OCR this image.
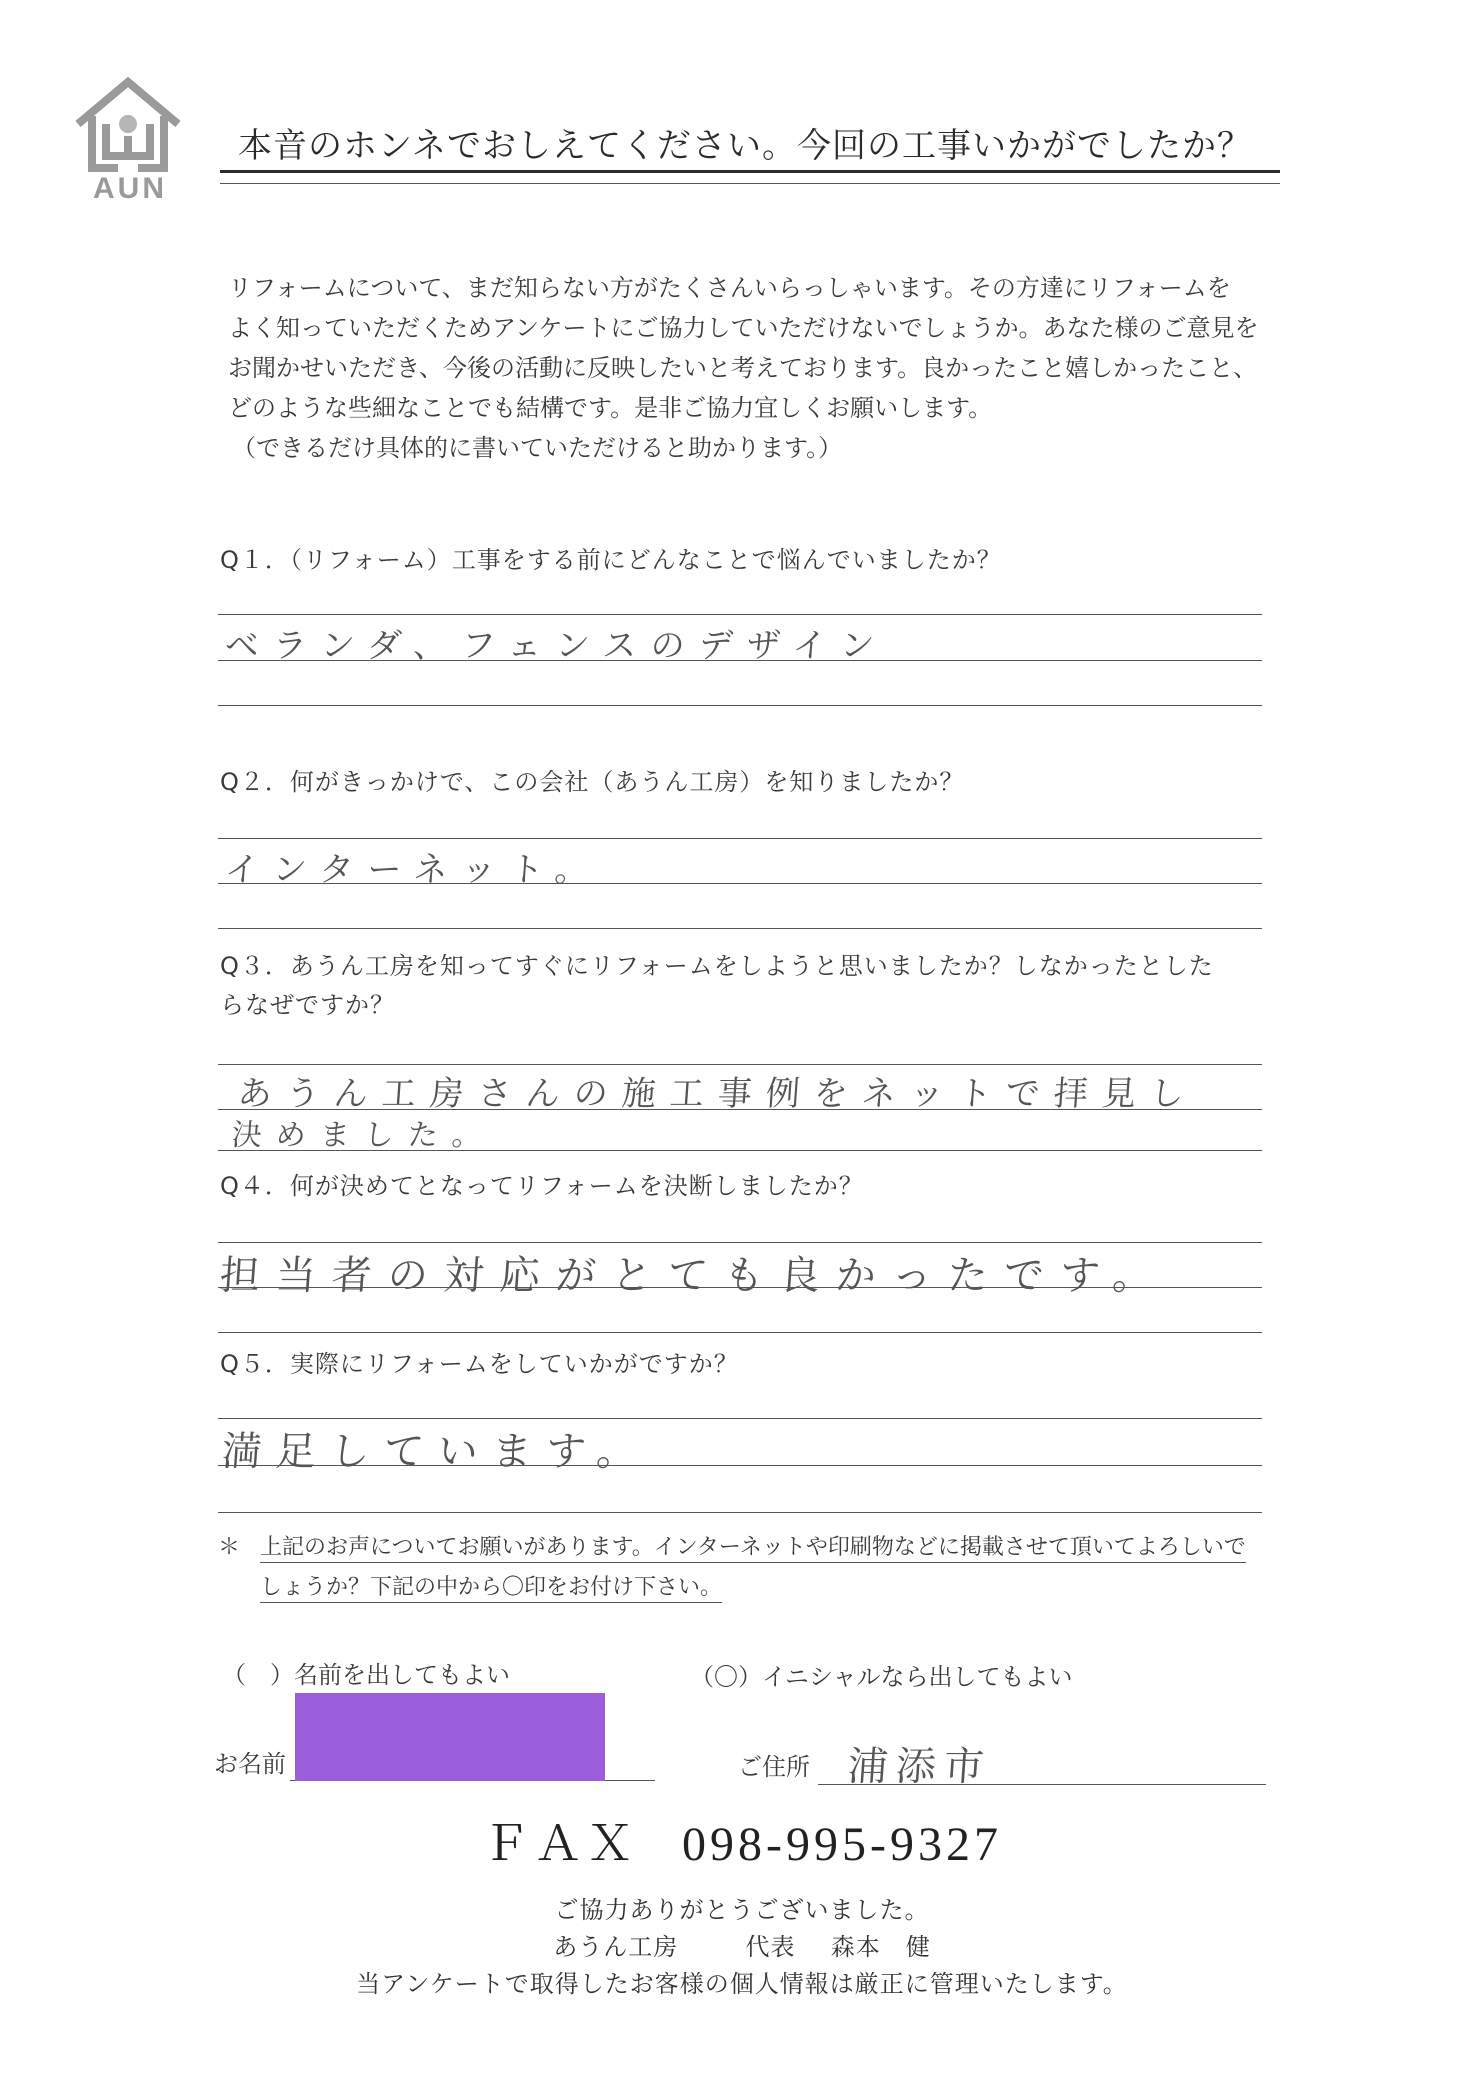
AUN
本音のホンネでおしえてください。今回の工事いかがでしたか？
リフォームについて、まだ知らない方がたくさんいらっしゃいます。その方達にリフォームを
よく知っていただくためアンケートにご協力していただけないでしょうか。あなた様のご意見を
お聞かせいただき、今後の活動に反映したいと考えております。良かったこと嬉しかったこと、
どのような些細なことでも結構です。是非ご協力宜しくお願いします。
（できるだけ具体的に書いていただけると助かります。）
Q１．（リフォーム）工事をする前にどんなことで悩んでいましたか？
ベランダ、フェンスのデザイン
Q２．何がきっかけで、この会社（あうん工房）を知りましたか？
インターネット。
Q３．あうん工房を知ってすぐにリフォームをしようと思いましたか？しなかったとした
らなぜですか？
あうん工房さんの施工事例をネットで拝見し
決めました。
Q４．何が決めてとなってリフォームを決断しましたか？
担当者の対応がとても良かったです。
Q５．実際にリフォームをしていかがですか？
満足しています。
＊ 上記のお声についてお願いがあります。インターネットや印刷物などに掲載させて頂いてよろしいで
しょうか？下記の中から〇印をお付け下さい。
（　）名前を出してもよい	（〇）イニシャルなら出してもよい
お名前	ご住所 浦添市
ＦＡＸ 098-995-9327
ご協力ありがとうございました。
あうん工房	代表 森本　健
当アンケートで取得したお客様の個人情報は厳正に管理いたします。
